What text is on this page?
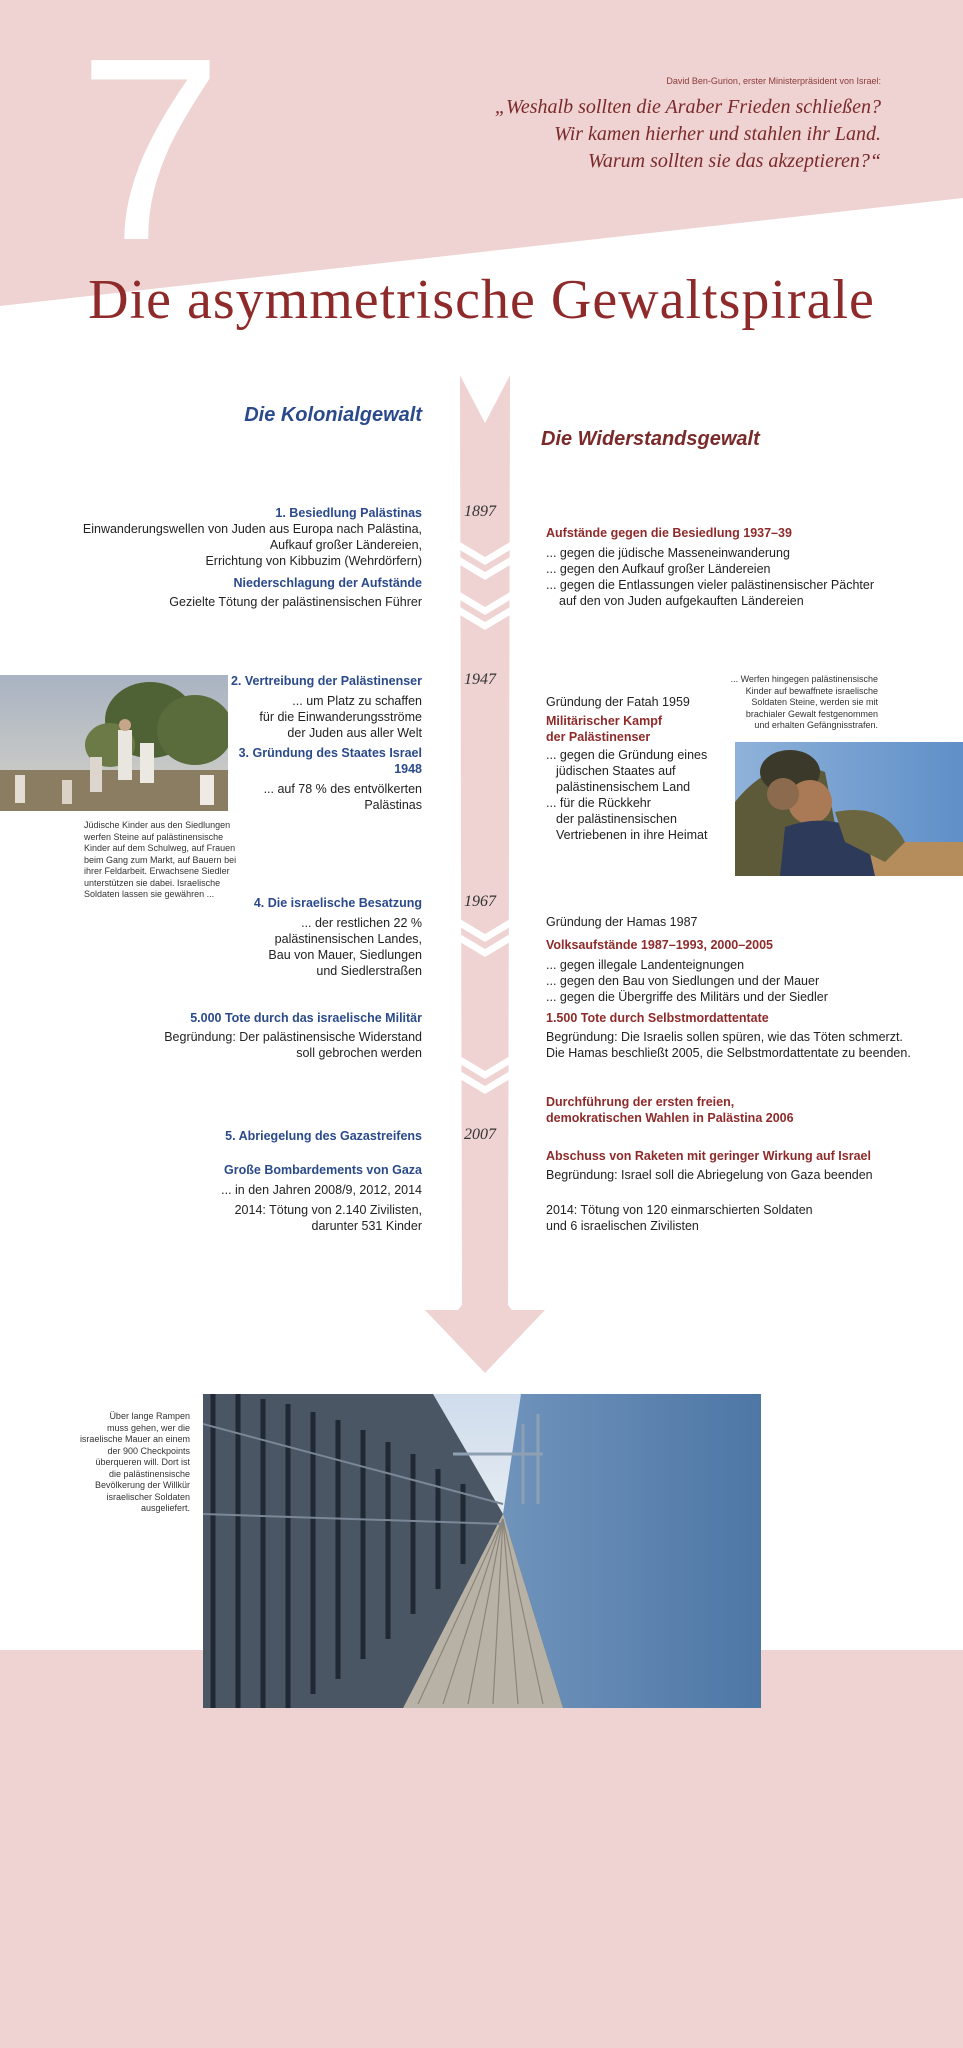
7	David Ben-Gurion, erster Ministerpräsident von Israel:
„Weshalb sollten die Araber Frieden schließen?
Wir kamen hierher und stahlen ihr Land.
Warum sollten sie das akzeptieren?“
Die asymmetrische Gewaltspirale
Die Kolonialgewalt
Die Widerstandsgewalt
1897
1947
1967
2007
1. Besiedlung Palästinas
Einwanderungswellen von Juden aus Europa nach Palästina,
Aufkauf großer Ländereien,
Errichtung von Kibbuzim (Wehrdörfern)
Niederschlagung der Aufstände
Gezielte Tötung der palästinensischen Führer
2. Vertreibung der Palästinenser
... um Platz zu schaffen
für die Einwanderungsströme
der Juden aus aller Welt
3. Gründung des Staates Israel
1948
... auf 78 % des entvölkerten
Palästinas
4. Die israelische Besatzung
... der restlichen 22 %
palästinensischen Landes,
Bau von Mauer, Siedlungen
und Siedlerstraßen
5.000 Tote durch das israelische Militär
Begründung: Der palästinensische Widerstand
soll gebrochen werden
5. Abriegelung des Gazastreifens
Große Bombardements von Gaza
... in den Jahren 2008/9, 2012, 2014
2014: Tötung von 2.140 Zivilisten,
darunter 531 Kinder
Aufstände gegen die Besiedlung 1937–39
... gegen die jüdische Masseneinwanderung
... gegen den Aufkauf großer Ländereien
... gegen die Entlassungen vieler palästinensischer Pächter
auf den von Juden aufgekauften Ländereien
Gründung der Fatah 1959
Militärischer Kampf
der Palästinenser
... gegen die Gründung eines
jüdischen Staates auf
palästinensischem Land
... für die Rückkehr
der palästinensischen
Vertriebenen in ihre Heimat
Gründung der Hamas 1987
Volksaufstände 1987–1993, 2000–2005
... gegen illegale Landenteignungen
... gegen den Bau von Siedlungen und der Mauer
... gegen die Übergriffe des Militärs und der Siedler
1.500 Tote durch Selbstmordattentate
Begründung: Die Israelis sollen spüren, wie das Töten schmerzt.
Die Hamas beschließt 2005, die Selbstmordattentate zu beenden.
Durchführung der ersten freien,
demokratischen Wahlen in Palästina 2006
Abschuss von Raketen mit geringer Wirkung auf Israel
Begründung: Israel soll die Abriegelung von Gaza beenden
2014: Tötung von 120 einmarschierten Soldaten
und 6 israelischen Zivilisten
Jüdische Kinder aus den Siedlungen
werfen Steine auf palästinensische
Kinder auf dem Schulweg, auf Frauen
beim Gang zum Markt, auf Bauern bei
ihrer Feldarbeit. Erwachsene Siedler
unterstützen sie dabei. Israelische
Soldaten lassen sie gewähren ...
... Werfen hingegen palästinensische
Kinder auf bewaffnete israelische
Soldaten Steine, werden sie mit
brachialer Gewalt festgenommen
und erhalten Gefängnisstrafen.
Über lange Rampen
muss gehen, wer die
israelische Mauer an einem
der 900 Checkpoints
überqueren will. Dort ist
die palästinensische
Bevölkerung der Willkür
israelischer Soldaten
ausgeliefert.
